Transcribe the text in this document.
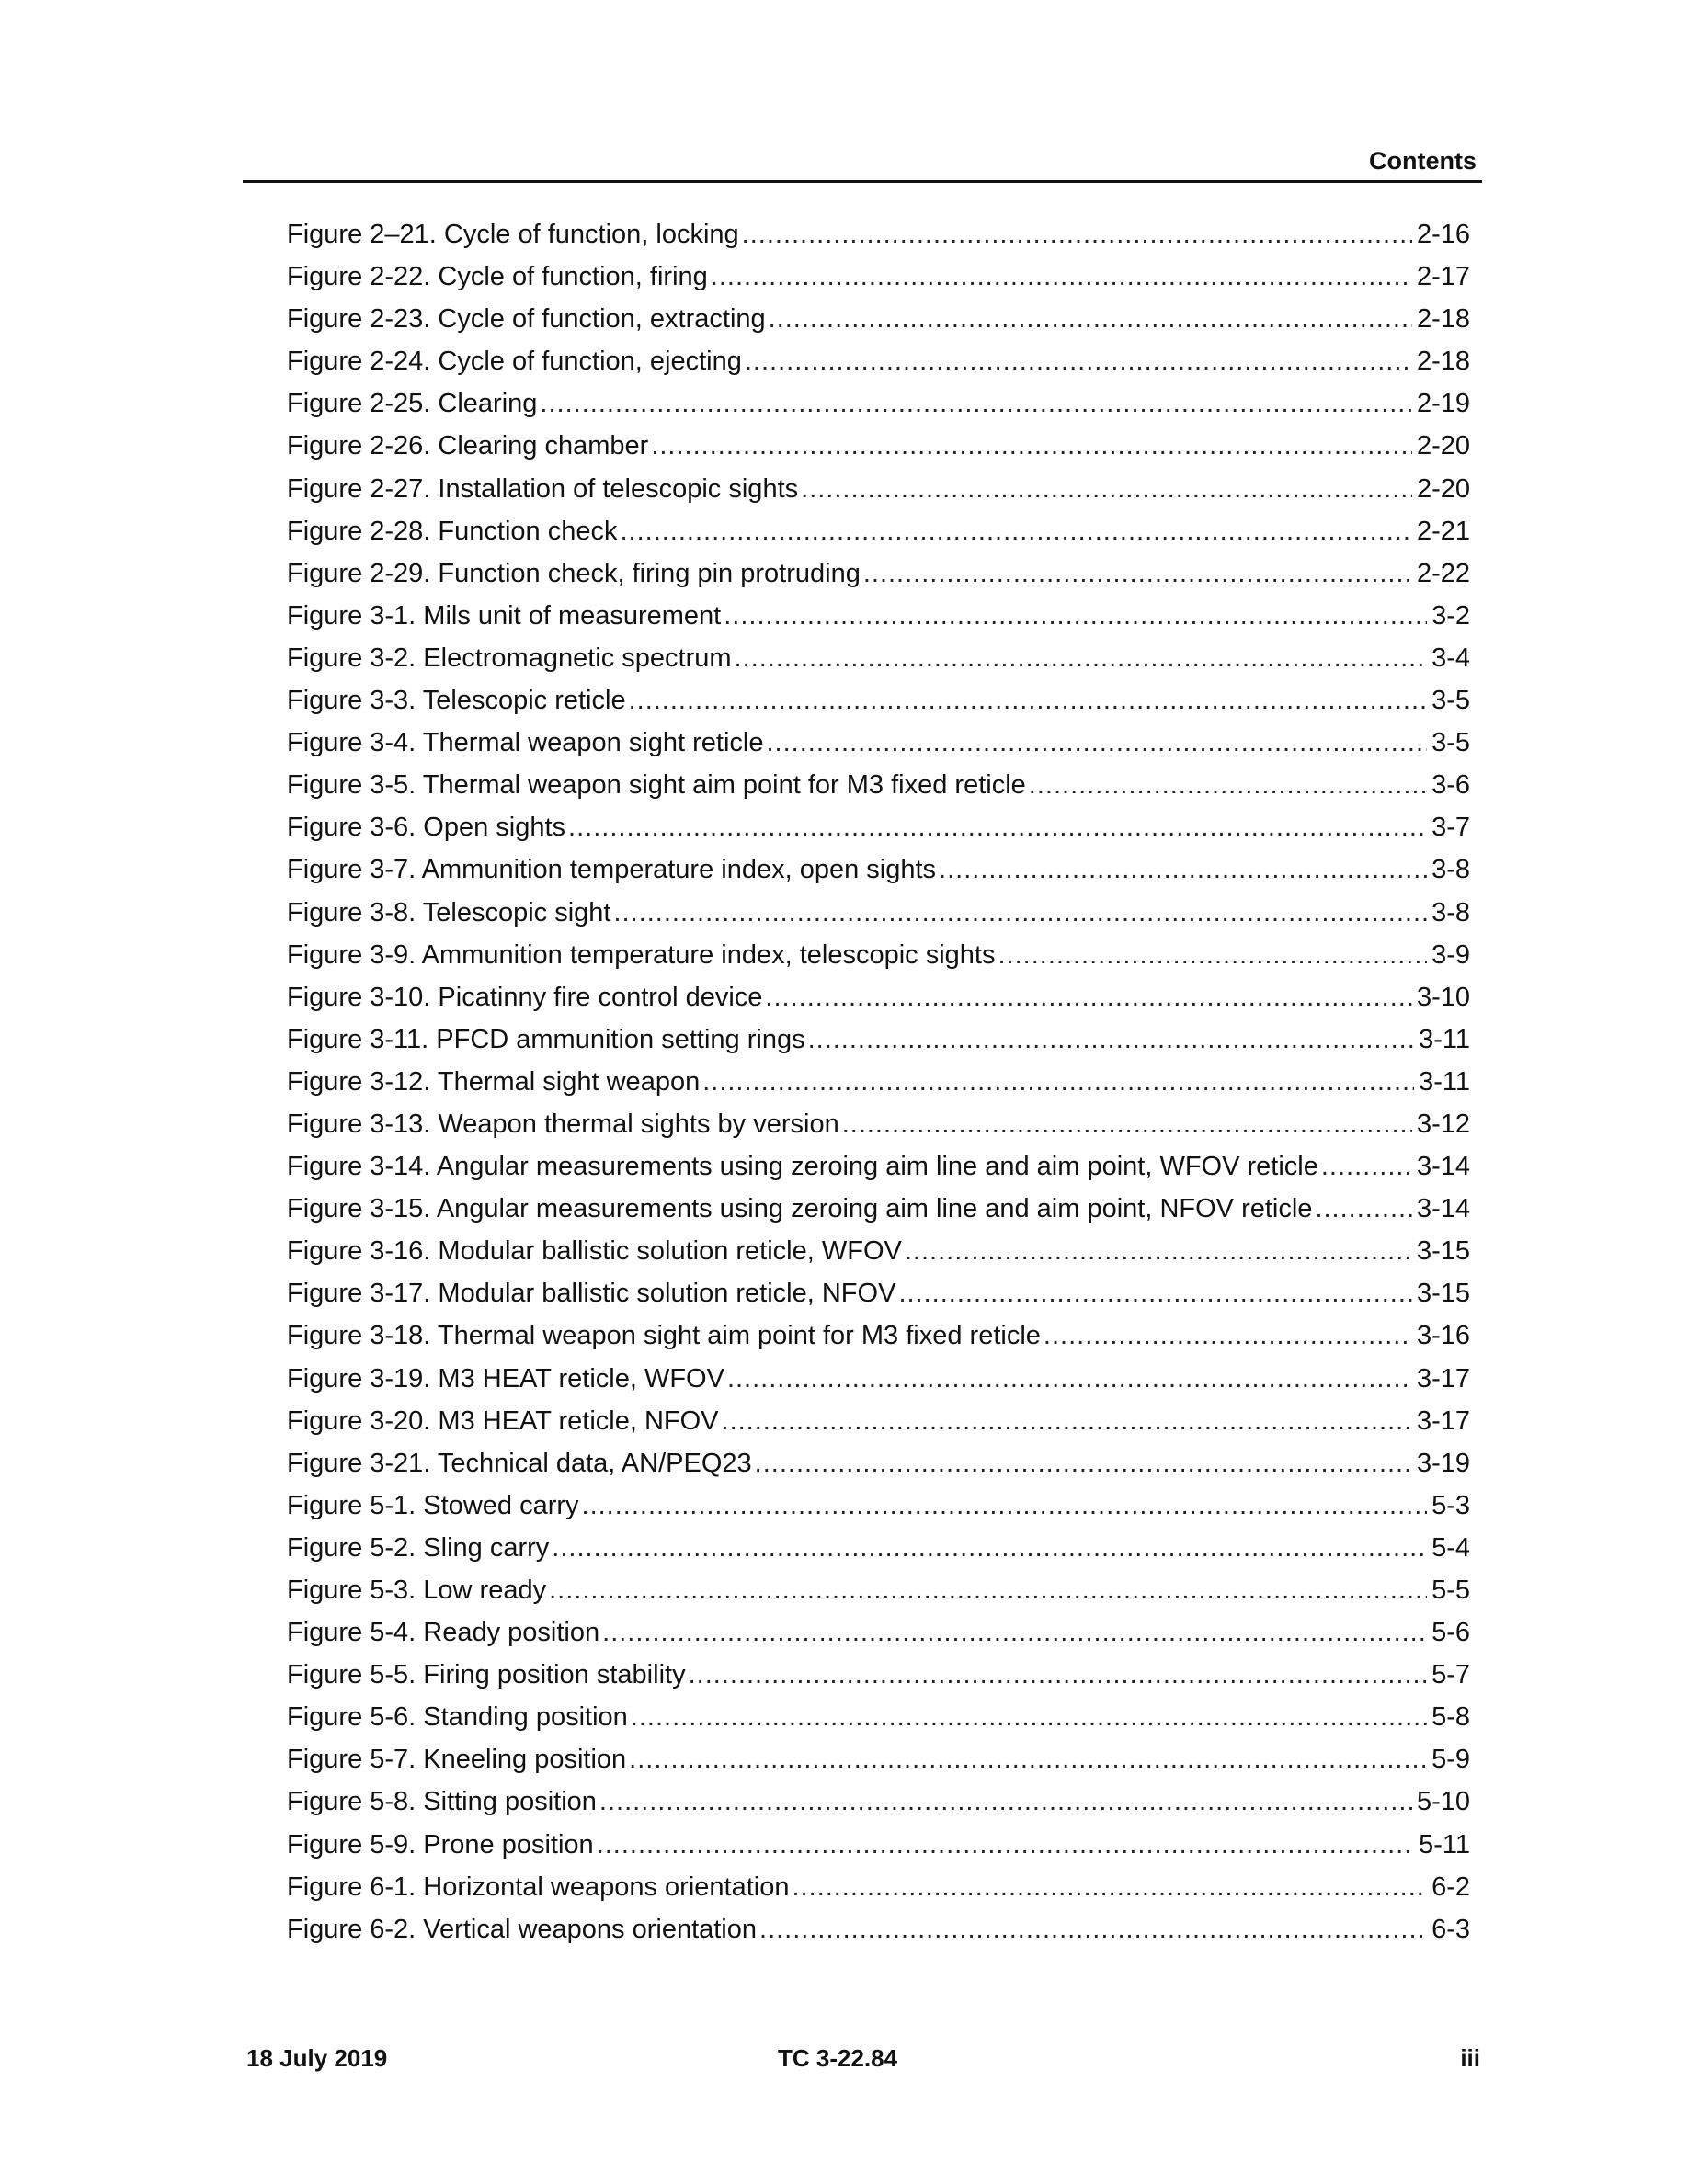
Contents
Figure 2–21. Cycle of function, locking .....	2-16
Figure 2-22. Cycle of function, firing .....	2-17
Figure 2-23. Cycle of function, extracting .....	2-18
Figure 2-24. Cycle of function, ejecting .....	2-18
Figure 2-25. Clearing .....	2-19
Figure 2-26. Clearing chamber .....	2-20
Figure 2-27. Installation of telescopic sights .....	2-20
Figure 2-28. Function check .....	2-21
Figure 2-29. Function check, firing pin protruding .....	2-22
Figure 3-1. Mils unit of measurement .....	3-2
Figure 3-2. Electromagnetic spectrum .....	3-4
Figure 3-3. Telescopic reticle .....	3-5
Figure 3-4. Thermal weapon sight reticle .....	3-5
Figure 3-5. Thermal weapon sight aim point for M3 fixed reticle .....	3-6
Figure 3-6. Open sights .....	3-7
Figure 3-7. Ammunition temperature index, open sights .....	3-8
Figure 3-8. Telescopic sight .....	3-8
Figure 3-9. Ammunition temperature index, telescopic sights .....	3-9
Figure 3-10. Picatinny fire control device .....	3-10
Figure 3-11. PFCD ammunition setting rings .....	3-11
Figure 3-12. Thermal sight weapon .....	3-11
Figure 3-13. Weapon thermal sights by version .....	3-12
Figure 3-14. Angular measurements using zeroing aim line and aim point, WFOV reticle .....	3-14
Figure 3-15. Angular measurements using zeroing aim line and aim point, NFOV reticle .....	3-14
Figure 3-16. Modular ballistic solution reticle, WFOV .....	3-15
Figure 3-17. Modular ballistic solution reticle, NFOV .....	3-15
Figure 3-18. Thermal weapon sight aim point for M3 fixed reticle .....	3-16
Figure 3-19. M3 HEAT reticle, WFOV .....	3-17
Figure 3-20. M3 HEAT reticle, NFOV .....	3-17
Figure 3-21. Technical data, AN/PEQ23 .....	3-19
Figure 5-1. Stowed carry .....	5-3
Figure 5-2. Sling carry .....	5-4
Figure 5-3. Low ready .....	5-5
Figure 5-4. Ready position .....	5-6
Figure 5-5. Firing position stability .....	5-7
Figure 5-6. Standing position .....	5-8
Figure 5-7. Kneeling position .....	5-9
Figure 5-8. Sitting position .....	5-10
Figure 5-9. Prone position .....	5-11
Figure 6-1. Horizontal weapons orientation .....	6-2
Figure 6-2. Vertical weapons orientation .....	6-3
18 July 2019	TC 3-22.84	iii
